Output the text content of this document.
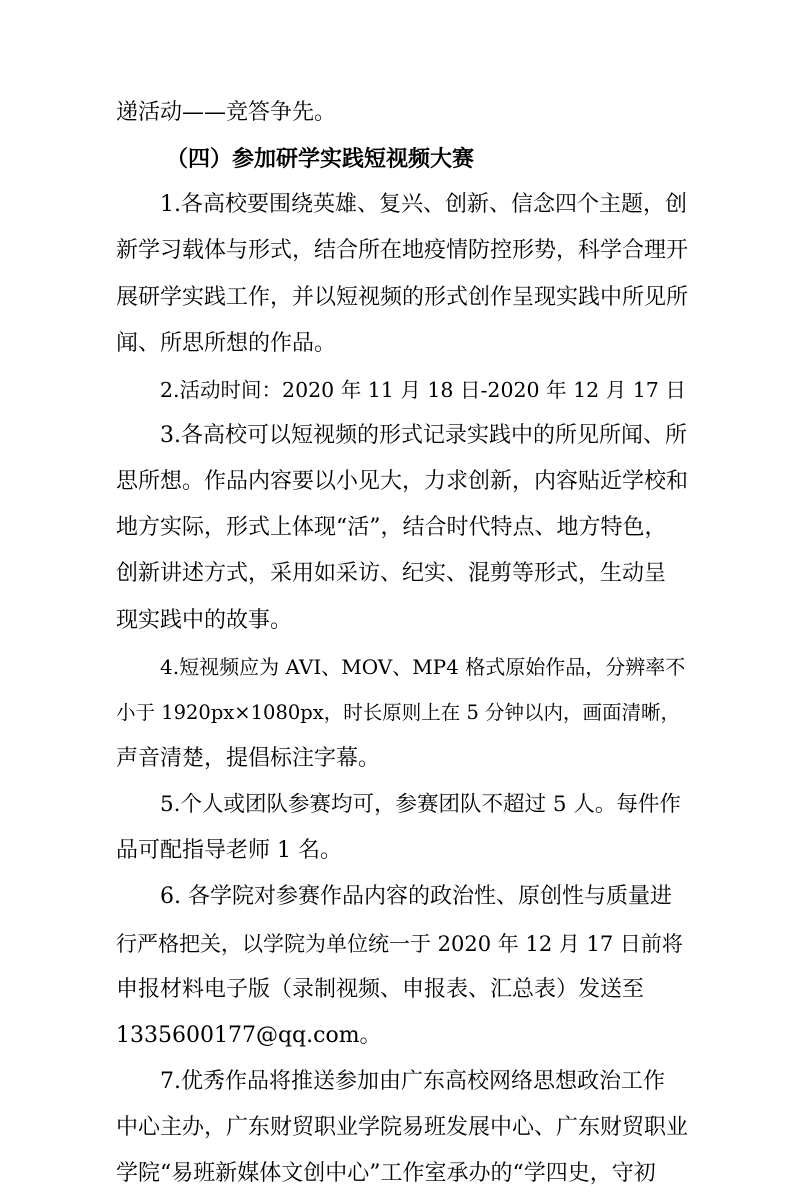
递活动——竞答争先。
（四）参加研学实践短视频大赛
1.各高校要围绕英雄、复兴、创新、信念四个主题，创
新学习载体与形式，结合所在地疫情防控形势，科学合理开
展研学实践工作，并以短视频的形式创作呈现实践中所见所
闻、所思所想的作品。
2.活动时间：2020 年 11 月 18 日-2020 年 12 月 17 日
3.各高校可以短视频的形式记录实践中的所见所闻、所
思所想。作品内容要以小见大，力求创新，内容贴近学校和
地方实际，形式上体现“活”，结合时代特点、地方特色，
创新讲述方式，采用如采访、纪实、混剪等形式，生动呈
现实践中的故事。
4.短视频应为 AVI、MOV、MP4 格式原始作品，分辨率不
小于 1920px×1080px，时长原则上在 5 分钟以内，画面清晰，
声音清楚，提倡标注字幕。
5.个人或团队参赛均可，参赛团队不超过 5 人。每件作
品可配指导老师 1 名。
6. 各学院对参赛作品内容的政治性、原创性与质量进
行严格把关，以学院为单位统一于 2020 年 12 月 17 日前将
申报材料电子版（录制视频、申报表、汇总表）发送至
1335600177@qq.com。
7.优秀作品将推送参加由广东高校网络思想政治工作
中心主办，广东财贸职业学院易班发展中心、广东财贸职业
学院“易班新媒体文创中心”工作室承办的“学四史，守初
